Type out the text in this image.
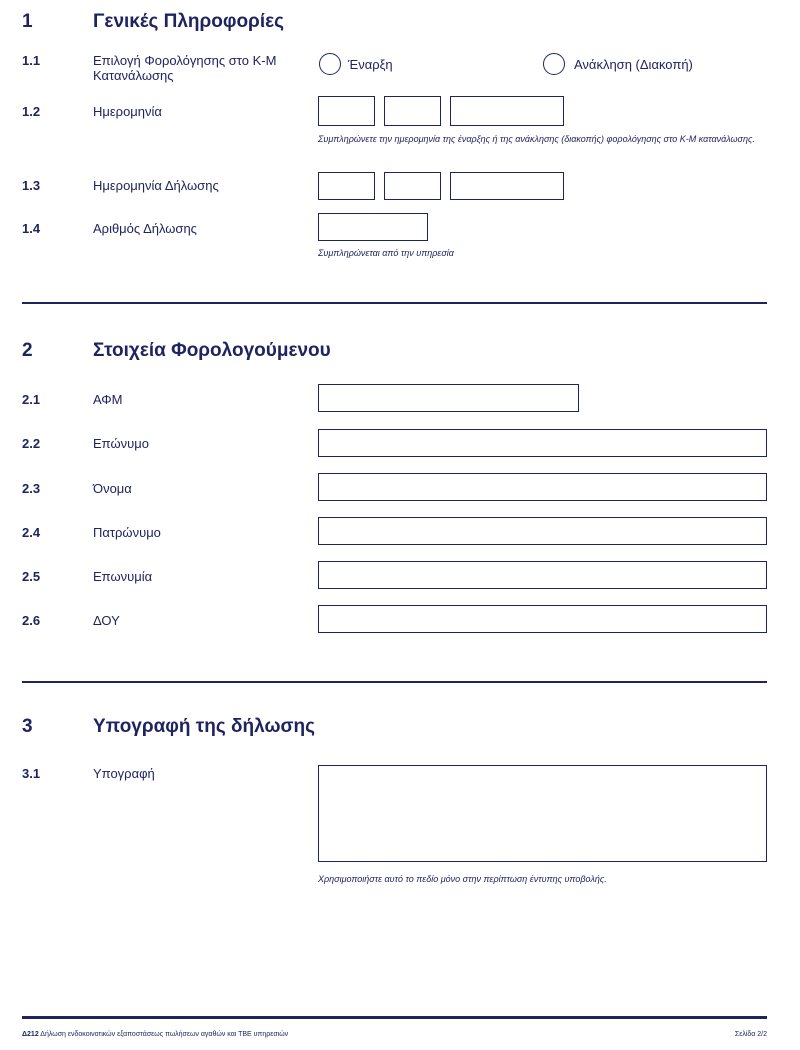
1	Γενικές Πληροφορίες
1.1	Επιλογή Φορολόγησης στο Κ-Μ Κατανάλωσης
Έναρξη	Ανάκληση (Διακοπή)
1.2	Ημερομηνία
Συμπληρώνετε την ημερομηνία της έναρξης ή της ανάκλησης (διακοπής) φορολόγησης στο Κ-Μ κατανάλωσης.
1.3	Ημερομηνία Δήλωσης
1.4	Αριθμός Δήλωσης
Συμπληρώνεται από την υπηρεσία
2	Στοιχεία Φορολογούμενου
2.1	ΑΦΜ
2.2	Επώνυμο
2.3	Όνομα
2.4	Πατρώνυμο
2.5	Επωνυμία
2.6	ΔΟΥ
3	Υπογραφή της δήλωσης
3.1	Υπογραφή
Χρησιμοποιήστε αυτό το πεδίο μόνο στην περίπτωση έντυπης υποβολής.
Δ212 Δήλωση ενδοκοινοτικών εξαποστάσεως πωλήσεων αγαθών και ΤΒΕ υπηρεσιών	Σελίδα 2/2
